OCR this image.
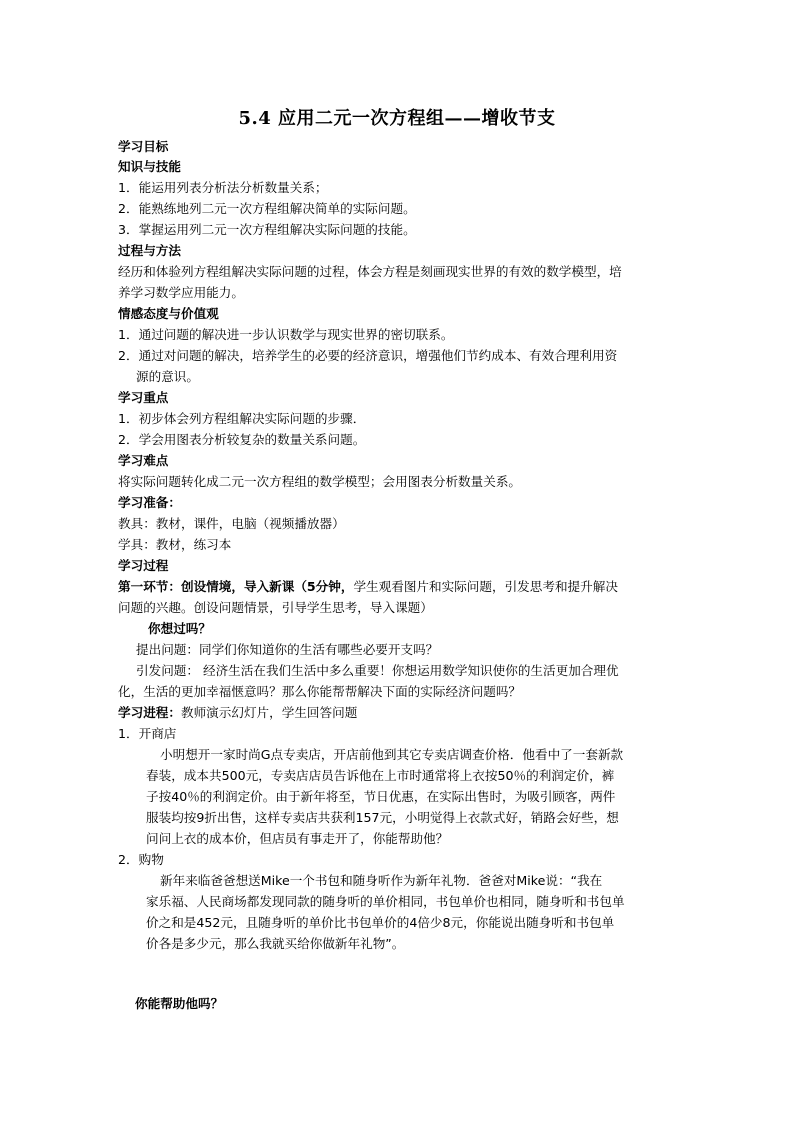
5.4 应用二元一次方程组——增收节支
学习目标
知识与技能
1．能运用列表分析法分析数量关系；
2．能熟练地列二元一次方程组解决简单的实际问题。
3．掌握运用列二元一次方程组解决实际问题的技能。
过程与方法
经历和体验列方程组解决实际问题的过程，体会方程是刻画现实世界的有效的数学模型，培
养学习数学应用能力。
情感态度与价值观
1．通过问题的解决进一步认识数学与现实世界的密切联系。
2．通过对问题的解决，培养学生的必要的经济意识，增强他们节约成本、有效合理利用资
源的意识。
学习重点
1．初步体会列方程组解决实际问题的步骤．
2．学会用图表分析较复杂的数量关系问题。
学习难点
将实际问题转化成二元一次方程组的数学模型；会用图表分析数量关系。
学习准备：
教具：教材，课件，电脑（视频播放器）
学具：教材，练习本
学习过程
第一环节：创设情境，导入新课（5分钟，学生观看图片和实际问题，引发思考和提升解决
问题的兴趣。创设问题情景，引导学生思考，导入课题）
你想过吗？
提出问题：同学们你知道你的生活有哪些必要开支吗？
引发问题： 经济生活在我们生活中多么重要！你想运用数学知识使你的生活更加合理优
化，生活的更加幸福惬意吗？那么你能帮帮解决下面的实际经济问题吗？
学习进程：教师演示幻灯片，学生回答问题
1．开商店
小明想开一家时尚G点专卖店，开店前他到其它专卖店调查价格．他看中了一套新款
春装，成本共500元，专卖店店员告诉他在上市时通常将上衣按50％的利润定价，裤
子按40％的利润定价。由于新年将至，节日优惠，在实际出售时，为吸引顾客，两件
服装均按9折出售，这样专卖店共获利157元，小明觉得上衣款式好，销路会好些，想
问问上衣的成本价，但店员有事走开了，你能帮助他？
2．购物
新年来临爸爸想送Mike一个书包和随身听作为新年礼物．爸爸对Mike说：“我在
家乐福、人民商场都发现同款的随身听的单价相同，书包单价也相同，随身听和书包单
价之和是452元，且随身听的单价比书包单价的4倍少8元，你能说出随身听和书包单
价各是多少元，那么我就买给你做新年礼物”。
你能帮助他吗？
